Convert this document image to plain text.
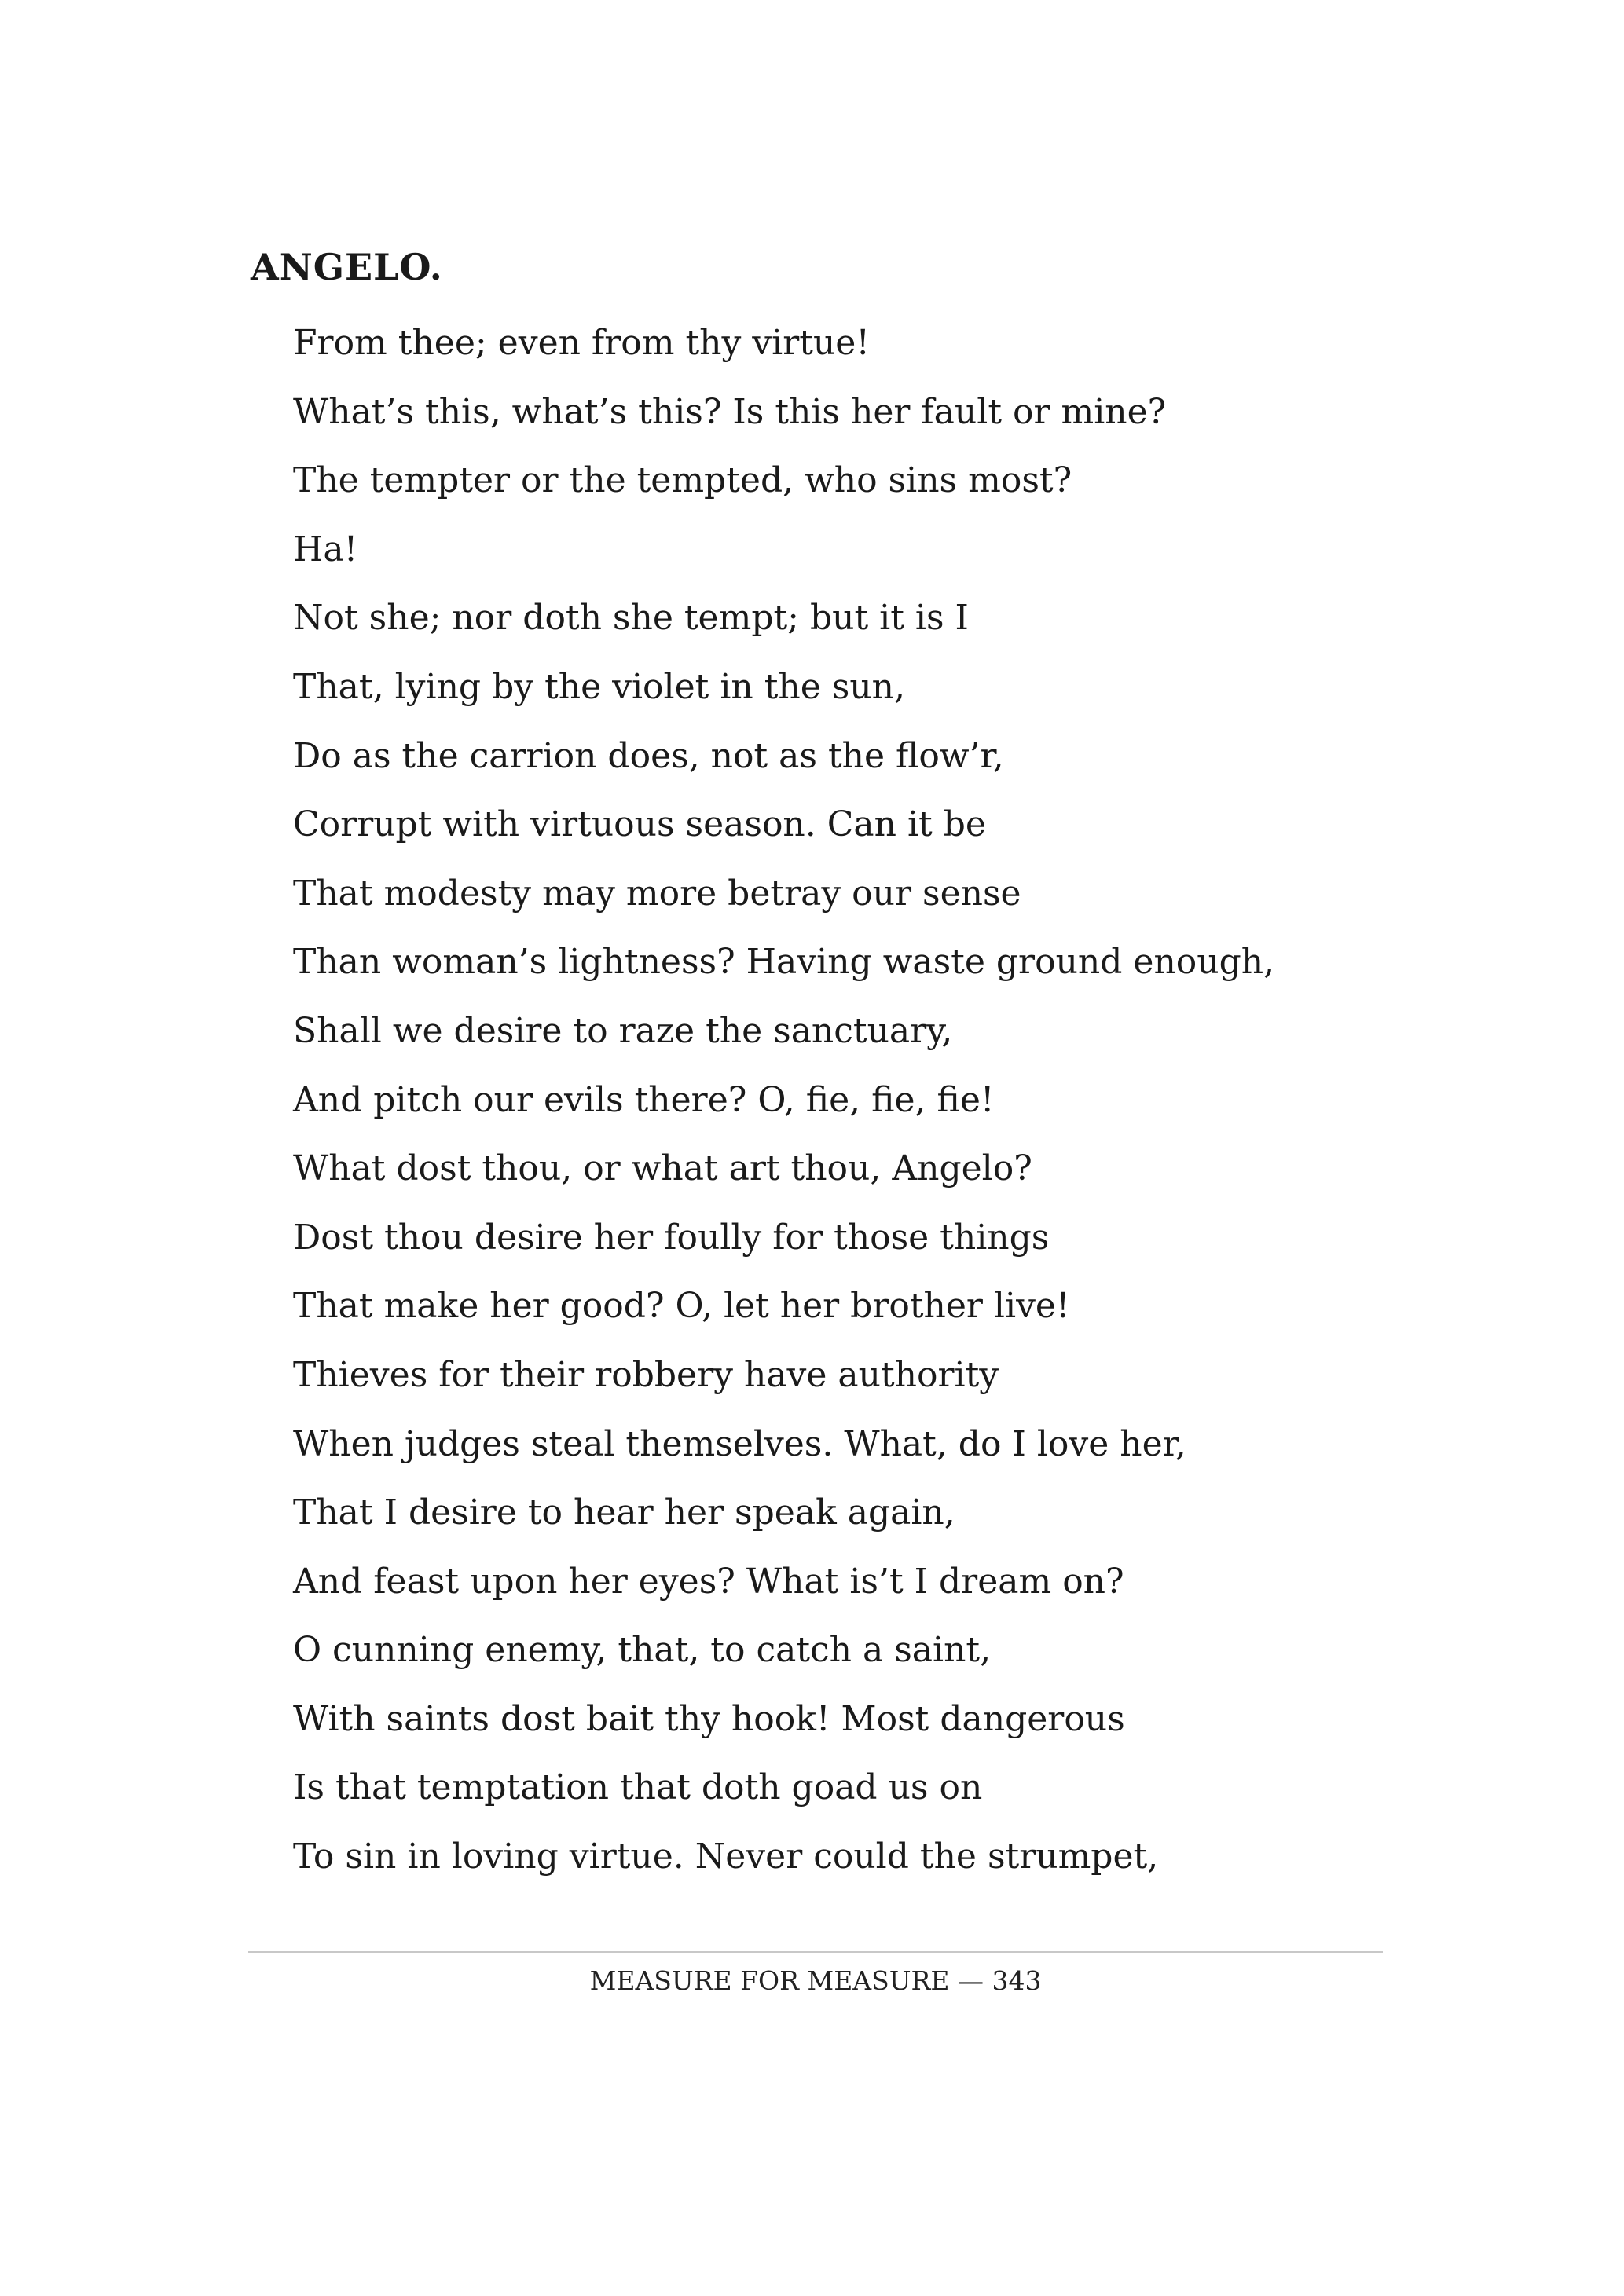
ANGELO.
From thee; even from thy virtue!
What’s this, what’s this? Is this her fault or mine?
The tempter or the tempted, who sins most?
Ha!
Not she; nor doth she tempt; but it is I
That, lying by the violet in the sun,
Do as the carrion does, not as the flow’r,
Corrupt with virtuous season. Can it be
That modesty may more betray our sense
Than woman’s lightness? Having waste ground enough,
Shall we desire to raze the sanctuary,
And pitch our evils there? O, fie, fie, fie!
What dost thou, or what art thou, Angelo?
Dost thou desire her foully for those things
That make her good? O, let her brother live!
Thieves for their robbery have authority
When judges steal themselves. What, do I love her,
That I desire to hear her speak again,
And feast upon her eyes? What is’t I dream on?
O cunning enemy, that, to catch a saint,
With saints dost bait thy hook! Most dangerous
Is that temptation that doth goad us on
To sin in loving virtue. Never could the strumpet,
MEASURE FOR MEASURE — 343
